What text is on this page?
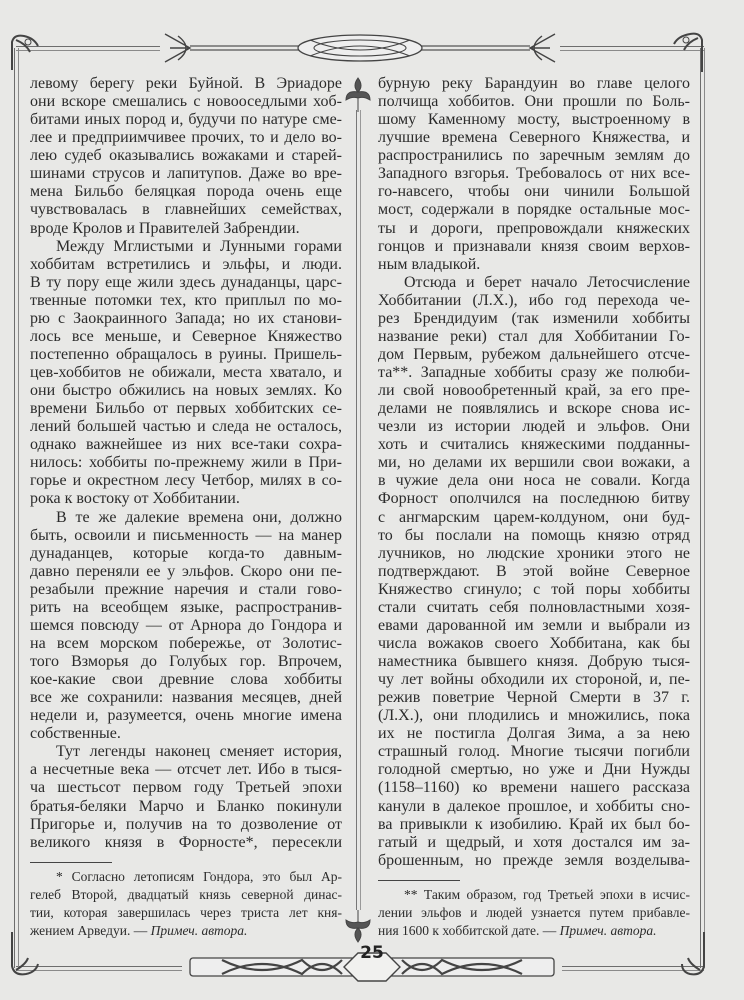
25
левому берегу реки Буйной. В Эриадоре
они вскоре смешались с новооседлыми хоб-
битами иных пород и, будучи по натуре сме-
лее и предприимчивее прочих, то и дело во-
лею судеб оказывались вожаками и старей-
шинами струсов и лапитупов. Даже во вре-
мена Бильбо беляцкая порода очень еще
чувствовалась в главнейших семействах,
вроде Кролов и Правителей Забрендии.
Между Мглистыми и Лунными горами
хоббитам встретились и эльфы, и люди.
В ту пору еще жили здесь дунаданцы, царс-
твенные потомки тех, кто приплыл по мо-
рю с Заокраинного Запада; но их станови-
лось все меньше, и Северное Княжество
постепенно обращалось в руины. Пришель-
цев-хоббитов не обижали, места хватало, и
они быстро обжились на новых землях. Ко
времени Бильбо от первых хоббитских се-
лений большей частью и следа не осталось,
однако важнейшее из них все-таки сохра-
нилось: хоббиты по-прежнему жили в При-
горье и окрестном лесу Четбор, милях в со-
рока к востоку от Хоббитании.
В те же далекие времена они, должно
быть, освоили и письменность — на манер
дунаданцев, которые когда-то давным-
давно переняли ее у эльфов. Скоро они пе-
резабыли прежние наречия и стали гово-
рить на всеобщем языке, распространив-
шемся повсюду — от Арнора до Гондора и
на всем морском побережье, от Золотис-
того Взморья до Голубых гор. Впрочем,
кое-какие свои древние слова хоббиты
все же сохранили: названия месяцев, дней
недели и, разумеется, очень многие имена
собственные.
Тут легенды наконец сменяет история,
а несчетные века — отсчет лет. Ибо в тыся-
ча шестьсот первом году Третьей эпохи
братья-беляки Марчо и Бланко покинули
Пригорье и, получив на то дозволение от
великого князя в Форносте*, пересекли
бурную реку Барандуин во главе целого
полчища хоббитов. Они прошли по Боль-
шому Каменному мосту, выстроенному в
лучшие времена Северного Княжества, и
распространились по заречным землям до
Западного взгорья. Требовалось от них все-
го-навсего, чтобы они чинили Большой
мост, содержали в порядке остальные мос-
ты и дороги, препровождали княжеских
гонцов и признавали князя своим верхов-
ным владыкой.
Отсюда и берет начало Летосчисление
Хоббитании (Л.Х.), ибо год перехода че-
рез Брендидуим (так изменили хоббиты
название реки) стал для Хоббитании Го-
дом Первым, рубежом дальнейшего отсче-
та**. Западные хоббиты сразу же полюби-
ли свой новообретенный край, за его пре-
делами не появлялись и вскоре снова ис-
чезли из истории людей и эльфов. Они
хоть и считались княжескими подданны-
ми, но делами их вершили свои вожаки, а
в чужие дела они носа не совали. Когда
Форност ополчился на последнюю битву
с ангмарским царем-колдуном, они буд-
то бы послали на помощь князю отряд
лучников, но людские хроники этого не
подтверждают. В этой войне Северное
Княжество сгинуло; с той поры хоббиты
стали считать себя полновластными хозя-
евами дарованной им земли и выбрали из
числа вожаков своего Хоббитана, как бы
наместника бывшего князя. Добрую тыся-
чу лет войны обходили их стороной, и, пе-
режив поветрие Черной Смерти в 37 г.
(Л.Х.), они плодились и множились, пока
их не постигла Долгая Зима, а за нею
страшный голод. Многие тысячи погибли
голодной смертью, но уже и Дни Нужды
(1158–1160) ко времени нашего рассказа
канули в далекое прошлое, и хоббиты сно-
ва привыкли к изобилию. Край их был бо-
гатый и щедрый, и хотя достался им за-
брошенным, но прежде земля возделыва-
* Согласно летописям Гондора, это был Ар-
гелеб Второй, двадцатый князь северной динас-
тии, которая завершилась через триста лет кня-
жением Арведуи. — Примеч. автора.
** Таким образом, год Третьей эпохи в исчис-
лении эльфов и людей узнается путем прибавле-
ния 1600 к хоббитской дате. — Примеч. автора.
